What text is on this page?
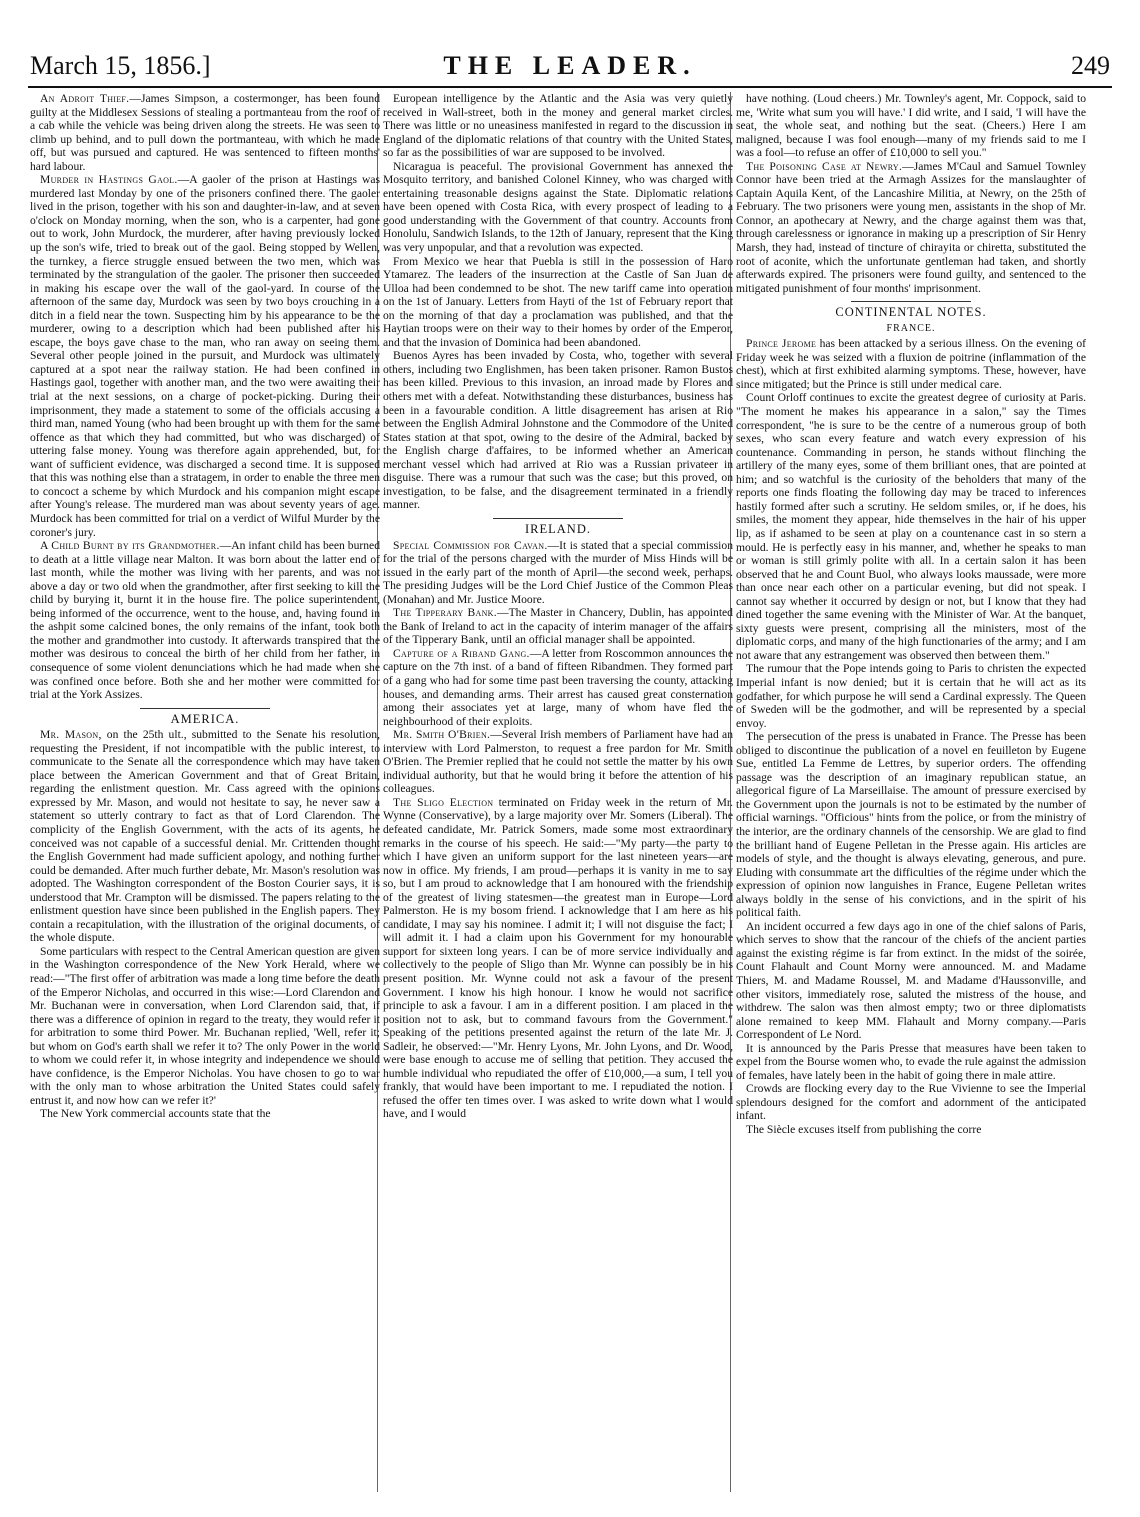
March 15, 1856.]	THE LEADER.	249

An Adroit Thief.—James Simpson, a costermonger, has been found guilty at the Middlesex Sessions of stealing a portmanteau from the roof of a cab while the vehicle was being driven along the streets. He was seen to climb up behind, and to pull down the portmanteau, with which he made off, but was pursued and captured. He was sentenced to fifteen months' hard labour.

Murder in Hastings Gaol.—A gaoler of the prison at Hastings was murdered last Monday by one of the prisoners confined there. The gaoler lived in the prison, together with his son and daughter-in-law, and at seven o'clock on Monday morning, when the son, who is a carpenter, had gone out to work, John Murdock, the murderer, after having previously locked up the son's wife, tried to break out of the gaol. Being stopped by Wellen, the turnkey, a fierce struggle ensued between the two men, which was terminated by the strangulation of the gaoler. The prisoner then succeeded in making his escape over the wall of the gaol-yard. In course of the afternoon of the same day, Murdock was seen by two boys crouching in a ditch in a field near the town. Suspecting him by his appearance to be the murderer, owing to a description which had been published after his escape, the boys gave chase to the man, who ran away on seeing them. Several other people joined in the pursuit, and Murdock was ultimately captured at a spot near the railway station. He had been confined in Hastings gaol, together with another man, and the two were awaiting their trial at the next sessions, on a charge of pocket-picking. During their imprisonment, they made a statement to some of the officials accusing a third man, named Young (who had been brought up with them for the same offence as that which they had committed, but who was discharged) of uttering false money. Young was therefore again apprehended, but, for want of sufficient evidence, was discharged a second time. It is supposed that this was nothing else than a stratagem, in order to enable the three men to concoct a scheme by which Murdock and his companion might escape after Young's release. The murdered man was about seventy years of age. Murdock has been committed for trial on a verdict of Wilful Murder by the coroner's jury.

A Child Burnt by its Grandmother.—An infant child has been burned to death at a little village near Malton. It was born about the latter end of last month, while the mother was living with her parents, and was not above a day or two old when the grandmother, after first seeking to kill the child by burying it, burnt it in the house fire. The police superintendent, being informed of the occurrence, went to the house, and, having found in the ashpit some calcined bones, the only remains of the infant, took both the mother and grandmother into custody. It afterwards transpired that the mother was desirous to conceal the birth of her child from her father, in consequence of some violent denunciations which he had made when she was confined once before. Both she and her mother were committed for trial at the York Assizes.

AMERICA.

Mr. Mason, on the 25th ult., submitted to the Senate his resolution, requesting the President, if not incompatible with the public interest, to communicate to the Senate all the correspondence which may have taken place between the American Government and that of Great Britain, regarding the enlistment question. Mr. Cass agreed with the opinions expressed by Mr. Mason, and would not hesitate to say, he never saw a statement so utterly contrary to fact as that of Lord Clarendon. The complicity of the English Government, with the acts of its agents, he conceived was not capable of a successful denial. Mr. Crittenden thought the English Government had made sufficient apology, and nothing further could be demanded. After much further debate, Mr. Mason's resolution was adopted. The Washington correspondent of the Boston Courier says, it is understood that Mr. Crampton will be dismissed. The papers relating to the enlistment question have since been published in the English papers. They contain a recapitulation, with the illustration of the original documents, of the whole dispute.

Some particulars with respect to the Central American question are given in the Washington correspondence of the New York Herald, where we read:—"The first offer of arbitration was made a long time before the death of the Emperor Nicholas, and occurred in this wise:—Lord Clarendon and Mr. Buchanan were in conversation, when Lord Clarendon said, that, if there was a difference of opinion in regard to the treaty, they would refer it for arbitration to some third Power. Mr. Buchanan replied, 'Well, refer it; but whom on God's earth shall we refer it to? The only Power in the world to whom we could refer it, in whose integrity and independence we should have confidence, is the Emperor Nicholas. You have chosen to go to war with the only man to whose arbitration the United States could safely entrust it, and now how can we refer it?'

The New York commercial accounts state that the

European intelligence by the Atlantic and the Asia was very quietly received in Wall-street, both in the money and general market circles. There was little or no uneasiness manifested in regard to the discussion in England of the diplomatic relations of that country with the United States, so far as the possibilities of war are supposed to be involved.

Nicaragua is peaceful. The provisional Government has annexed the Mosquito territory, and banished Colonel Kinney, who was charged with entertaining treasonable designs against the State. Diplomatic relations have been opened with Costa Rica, with every prospect of leading to a good understanding with the Government of that country. Accounts from Honolulu, Sandwich Islands, to the 12th of January, represent that the King was very unpopular, and that a revolution was expected.

From Mexico we hear that Puebla is still in the possession of Haro Ytamarez. The leaders of the insurrection at the Castle of San Juan de Ulloa had been condemned to be shot. The new tariff came into operation on the 1st of January. Letters from Hayti of the 1st of February report that on the morning of that day a proclamation was published, and that the Haytian troops were on their way to their homes by order of the Emperor, and that the invasion of Dominica had been abandoned.

Buenos Ayres has been invaded by Costa, who, together with several others, including two Englishmen, has been taken prisoner. Ramon Bustos has been killed. Previous to this invasion, an inroad made by Flores and others met with a defeat. Notwithstanding these disturbances, business has been in a favourable condition. A little disagreement has arisen at Rio between the English Admiral Johnstone and the Commodore of the United States station at that spot, owing to the desire of the Admiral, backed by the English charge d'affaires, to be informed whether an American merchant vessel which had arrived at Rio was a Russian privateer in disguise. There was a rumour that such was the case; but this proved, on investigation, to be false, and the disagreement terminated in a friendly manner.

IRELAND.

Special Commission for Cavan.—It is stated that a special commission for the trial of the persons charged with the murder of Miss Hinds will be issued in the early part of the month of April—the second week, perhaps. The presiding Judges will be the Lord Chief Justice of the Common Pleas (Monahan) and Mr. Justice Moore.

The Tipperary Bank.—The Master in Chancery, Dublin, has appointed the Bank of Ireland to act in the capacity of interim manager of the affairs of the Tipperary Bank, until an official manager shall be appointed.

Capture of a Riband Gang.—A letter from Roscommon announces the capture on the 7th inst. of a band of fifteen Ribandmen. They formed part of a gang who had for some time past been traversing the county, attacking houses, and demanding arms. Their arrest has caused great consternation among their associates yet at large, many of whom have fled the neighbourhood of their exploits.

Mr. Smith O'Brien.—Several Irish members of Parliament have had an interview with Lord Palmerston, to request a free pardon for Mr. Smith O'Brien. The Premier replied that he could not settle the matter by his own individual authority, but that he would bring it before the attention of his colleagues.

The Sligo Election terminated on Friday week in the return of Mr. Wynne (Conservative), by a large majority over Mr. Somers (Liberal). The defeated candidate, Mr. Patrick Somers, made some most extraordinary remarks in the course of his speech. He said:—"My party—the party to which I have given an uniform support for the last nineteen years—are now in office. My friends, I am proud—perhaps it is vanity in me to say so, but I am proud to acknowledge that I am honoured with the friendship of the greatest of living statesmen—the greatest man in Europe—Lord Palmerston. He is my bosom friend. I acknowledge that I am here as his candidate, I may say his nominee. I admit it; I will not disguise the fact; I will admit it. I had a claim upon his Government for my honourable support for sixteen long years. I can be of more service individually and collectively to the people of Sligo than Mr. Wynne can possibly be in his present position. Mr. Wynne could not ask a favour of the present Government. I know his high honour. I know he would not sacrifice principle to ask a favour. I am in a different position. I am placed in the position not to ask, but to command favours from the Government." Speaking of the petitions presented against the return of the late Mr. J. Sadleir, he observed:—"Mr. Henry Lyons, Mr. John Lyons, and Dr. Wood, were base enough to accuse me of selling that petition. They accused the humble individual who repudiated the offer of £10,000,—a sum, I tell you frankly, that would have been important to me. I repudiated the notion. I refused the offer ten times over. I was asked to write down what I would have, and I would

have nothing. (Loud cheers.) Mr. Townley's agent, Mr. Coppock, said to me, 'Write what sum you will have.' I did write, and I said, 'I will have the seat, the whole seat, and nothing but the seat. (Cheers.) Here I am maligned, because I was fool enough—many of my friends said to me I was a fool—to refuse an offer of £10,000 to sell you."

The Poisoning Case at Newry.—James M'Caul and Samuel Townley Connor have been tried at the Armagh Assizes for the manslaughter of Captain Aquila Kent, of the Lancashire Militia, at Newry, on the 25th of February. The two prisoners were young men, assistants in the shop of Mr. Connor, an apothecary at Newry, and the charge against them was that, through carelessness or ignorance in making up a prescription of Sir Henry Marsh, they had, instead of tincture of chirayita or chiretta, substituted the root of aconite, which the unfortunate gentleman had taken, and shortly afterwards expired. The prisoners were found guilty, and sentenced to the mitigated punishment of four months' imprisonment.

CONTINENTAL NOTES.
FRANCE.

Prince Jerome has been attacked by a serious illness. On the evening of Friday week he was seized with a fluxion de poitrine (inflammation of the chest), which at first exhibited alarming symptoms. These, however, have since mitigated; but the Prince is still under medical care.

Count Orloff continues to excite the greatest degree of curiosity at Paris. "The moment he makes his appearance in a salon," say the Times correspondent, "he is sure to be the centre of a numerous group of both sexes, who scan every feature and watch every expression of his countenance. Commanding in person, he stands without flinching the artillery of the many eyes, some of them brilliant ones, that are pointed at him; and so watchful is the curiosity of the beholders that many of the reports one finds floating the following day may be traced to inferences hastily formed after such a scrutiny. He seldom smiles, or, if he does, his smiles, the moment they appear, hide themselves in the hair of his upper lip, as if ashamed to be seen at play on a countenance cast in so stern a mould. He is perfectly easy in his manner, and, whether he speaks to man or woman is still grimly polite with all. In a certain salon it has been observed that he and Count Buol, who always looks maussade, were more than once near each other on a particular evening, but did not speak. I cannot say whether it occurred by design or not, but I know that they had dined together the same evening with the Minister of War. At the banquet, sixty guests were present, comprising all the ministers, most of the diplomatic corps, and many of the high functionaries of the army; and I am not aware that any estrangement was observed then between them."

The rumour that the Pope intends going to Paris to christen the expected Imperial infant is now denied; but it is certain that he will act as its godfather, for which purpose he will send a Cardinal expressly. The Queen of Sweden will be the godmother, and will be represented by a special envoy.

The persecution of the press is unabated in France. The Presse has been obliged to discontinue the publication of a novel en feuilleton by Eugene Sue, entitled La Femme de Lettres, by superior orders. The offending passage was the description of an imaginary republican statue, an allegorical figure of La Marseillaise. The amount of pressure exercised by the Government upon the journals is not to be estimated by the number of official warnings. "Officious" hints from the police, or from the ministry of the interior, are the ordinary channels of the censorship. We are glad to find the brilliant hand of Eugene Pelletan in the Presse again. His articles are models of style, and the thought is always elevating, generous, and pure. Eluding with consummate art the difficulties of the régime under which the expression of opinion now languishes in France, Eugene Pelletan writes always boldly in the sense of his convictions, and in the spirit of his political faith.

An incident occurred a few days ago in one of the chief salons of Paris, which serves to show that the rancour of the chiefs of the ancient parties against the existing régime is far from extinct. In the midst of the soirée, Count Flahault and Count Morny were announced. M. and Madame Thiers, M. and Madame Roussel, M. and Madame d'Haussonville, and other visitors, immediately rose, saluted the mistress of the house, and withdrew. The salon was then almost empty; two or three diplomatists alone remained to keep MM. Flahault and Morny company.—Paris Correspondent of Le Nord.

It is announced by the Paris Presse that measures have been taken to expel from the Bourse women who, to evade the rule against the admission of females, have lately been in the habit of going there in male attire.

Crowds are flocking every day to the Rue Vivienne to see the Imperial splendours designed for the comfort and adornment of the anticipated infant.

The Siècle excuses itself from publishing the corre
